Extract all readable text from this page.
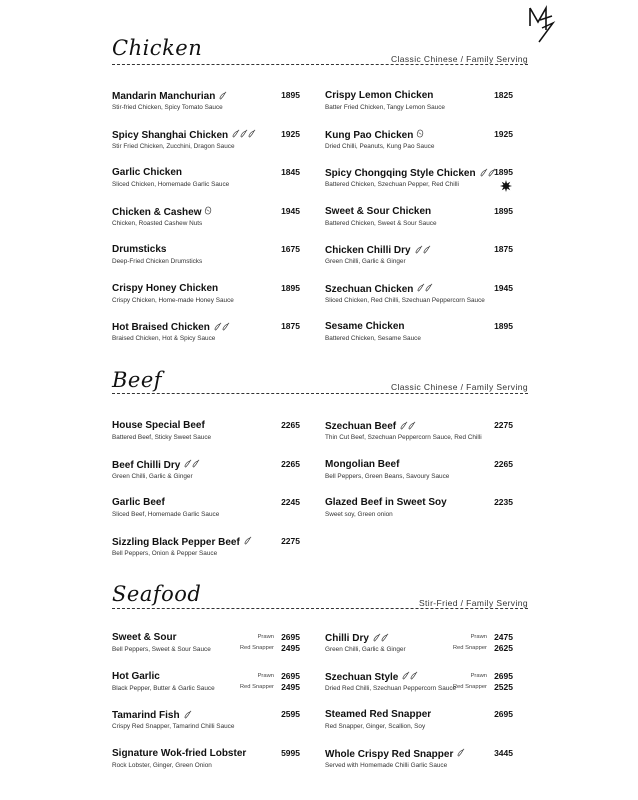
Chicken	Classic Chinese / Family Serving
Mandarin Manchurian
Stir-fried Chicken, Spicy Tomato Sauce
1895
Spicy Shanghai Chicken
Stir Fried Chicken, Zucchini, Dragon Sauce
1925
Garlic Chicken
Sliced Chicken, Homemade Garlic Sauce
1845
Chicken & Cashew
Chicken, Roasted Cashew Nuts
1945
Drumsticks
Deep-Fried Chicken Drumsticks
1675
Crispy Honey Chicken
Crispy Chicken, Home-made Honey Sauce
1895
Hot Braised Chicken
Braised Chicken, Hot & Spicy Sauce
1875
Crispy Lemon Chicken
Batter Fried Chicken, Tangy Lemon Sauce
1825
Kung Pao Chicken
Dried Chilli, Peanuts, Kung Pao Sauce
1925
Spicy Chongqing Style Chicken
Battered Chicken, Szechuan Pepper, Red Chilli
1895
Sweet & Sour Chicken
Battered Chicken, Sweet & Sour Sauce
1895
Chicken Chilli Dry
Green Chilli, Garlic & Ginger
1875
Szechuan Chicken
Sliced Chicken, Red Chilli, Szechuan Peppercorn Sauce
1945
Sesame Chicken
Battered Chicken, Sesame Sauce
1895
Beef	Classic Chinese / Family Serving
House Special Beef
Battered Beef, Sticky Sweet Sauce
2265
Beef Chilli Dry
Green Chilli, Garlic & Ginger
2265
Garlic Beef
Sliced Beef, Homemade Garlic Sauce
2245
Sizzling Black Pepper Beef
Bell Peppers, Onion & Pepper Sauce
2275
Szechuan Beef
Thin Cut Beef, Szechuan Peppercorn Sauce, Red Chilli
2275
Mongolian Beef
Bell Peppers, Green Beans, Savoury Sauce
2265
Glazed Beef in Sweet Soy
Sweet soy, Green onion
2235
Seafood	Stir-Fried / Family Serving
Sweet & Sour
Bell Peppers, Sweet & Sour Sauce
Prawn 2695
Red Snapper 2495
Hot Garlic
Black Pepper, Butter & Garlic Sauce
Prawn 2695
Red Snapper 2495
Tamarind Fish
Crispy Red Snapper, Tamarind Chilli Sauce
2595
Signature Wok-fried Lobster
Rock Lobster, Ginger, Green Onion
5995
Chilli Dry
Green Chilli, Garlic & Ginger
Prawn 2475
Red Snapper 2625
Szechuan Style
Dried Red Chilli, Szechuan Peppercorn Sauce
Prawn 2695
Red Snapper 2525
Steamed Red Snapper
Red Snapper, Ginger, Scallion, Soy
2695
Whole Crispy Red Snapper
Served with Homemade Chilli Garlic Sauce
3445
